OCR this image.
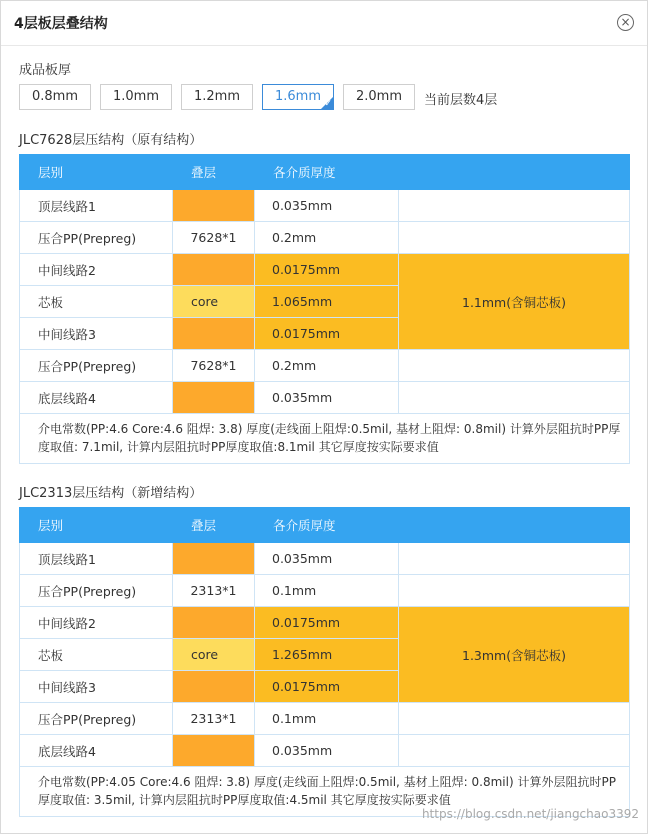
4层板层叠结构	×
成品板厚
0.8mm	1.0mm	1.2mm	1.6mm ✓	2.0mm	当前层数4层
JLC7628层压结构（原有结构）
层别	叠层	各介质厚度	
顶层线路1		0.035mm	
压合PP(Prepreg)	7628*1	0.2mm	
中间线路2		0.0175mm	1.1mm(含铜芯板)
芯板	core	1.065mm	
中间线路3		0.0175mm	
压合PP(Prepreg)	7628*1	0.2mm	
底层线路4		0.035mm	
介电常数(PP:4.6 Core:4.6 阻焊: 3.8) 厚度(走线面上阻焊:0.5mil, 基材上阻焊: 0.8mil) 计算外层阻抗时PP厚度取值: 7.1mil, 计算内层阻抗时PP厚度取值:8.1mil 其它厚度按实际要求值			
JLC2313层压结构（新增结构）
层别	叠层	各介质厚度	
顶层线路1		0.035mm	
压合PP(Prepreg)	2313*1	0.1mm	
中间线路2		0.0175mm	1.3mm(含铜芯板)
芯板	core	1.265mm	
中间线路3		0.0175mm	
压合PP(Prepreg)	2313*1	0.1mm	
底层线路4		0.035mm	
介电常数(PP:4.05 Core:4.6 阻焊: 3.8) 厚度(走线面上阻焊:0.5mil, 基材上阻焊: 0.8mil) 计算外层阻抗时PP厚度取值: 3.5mil, 计算内层阻抗时PP厚度取值:4.5mil 其它厚度按实际要求值			
https://blog.csdn.net/jiangchao3392
